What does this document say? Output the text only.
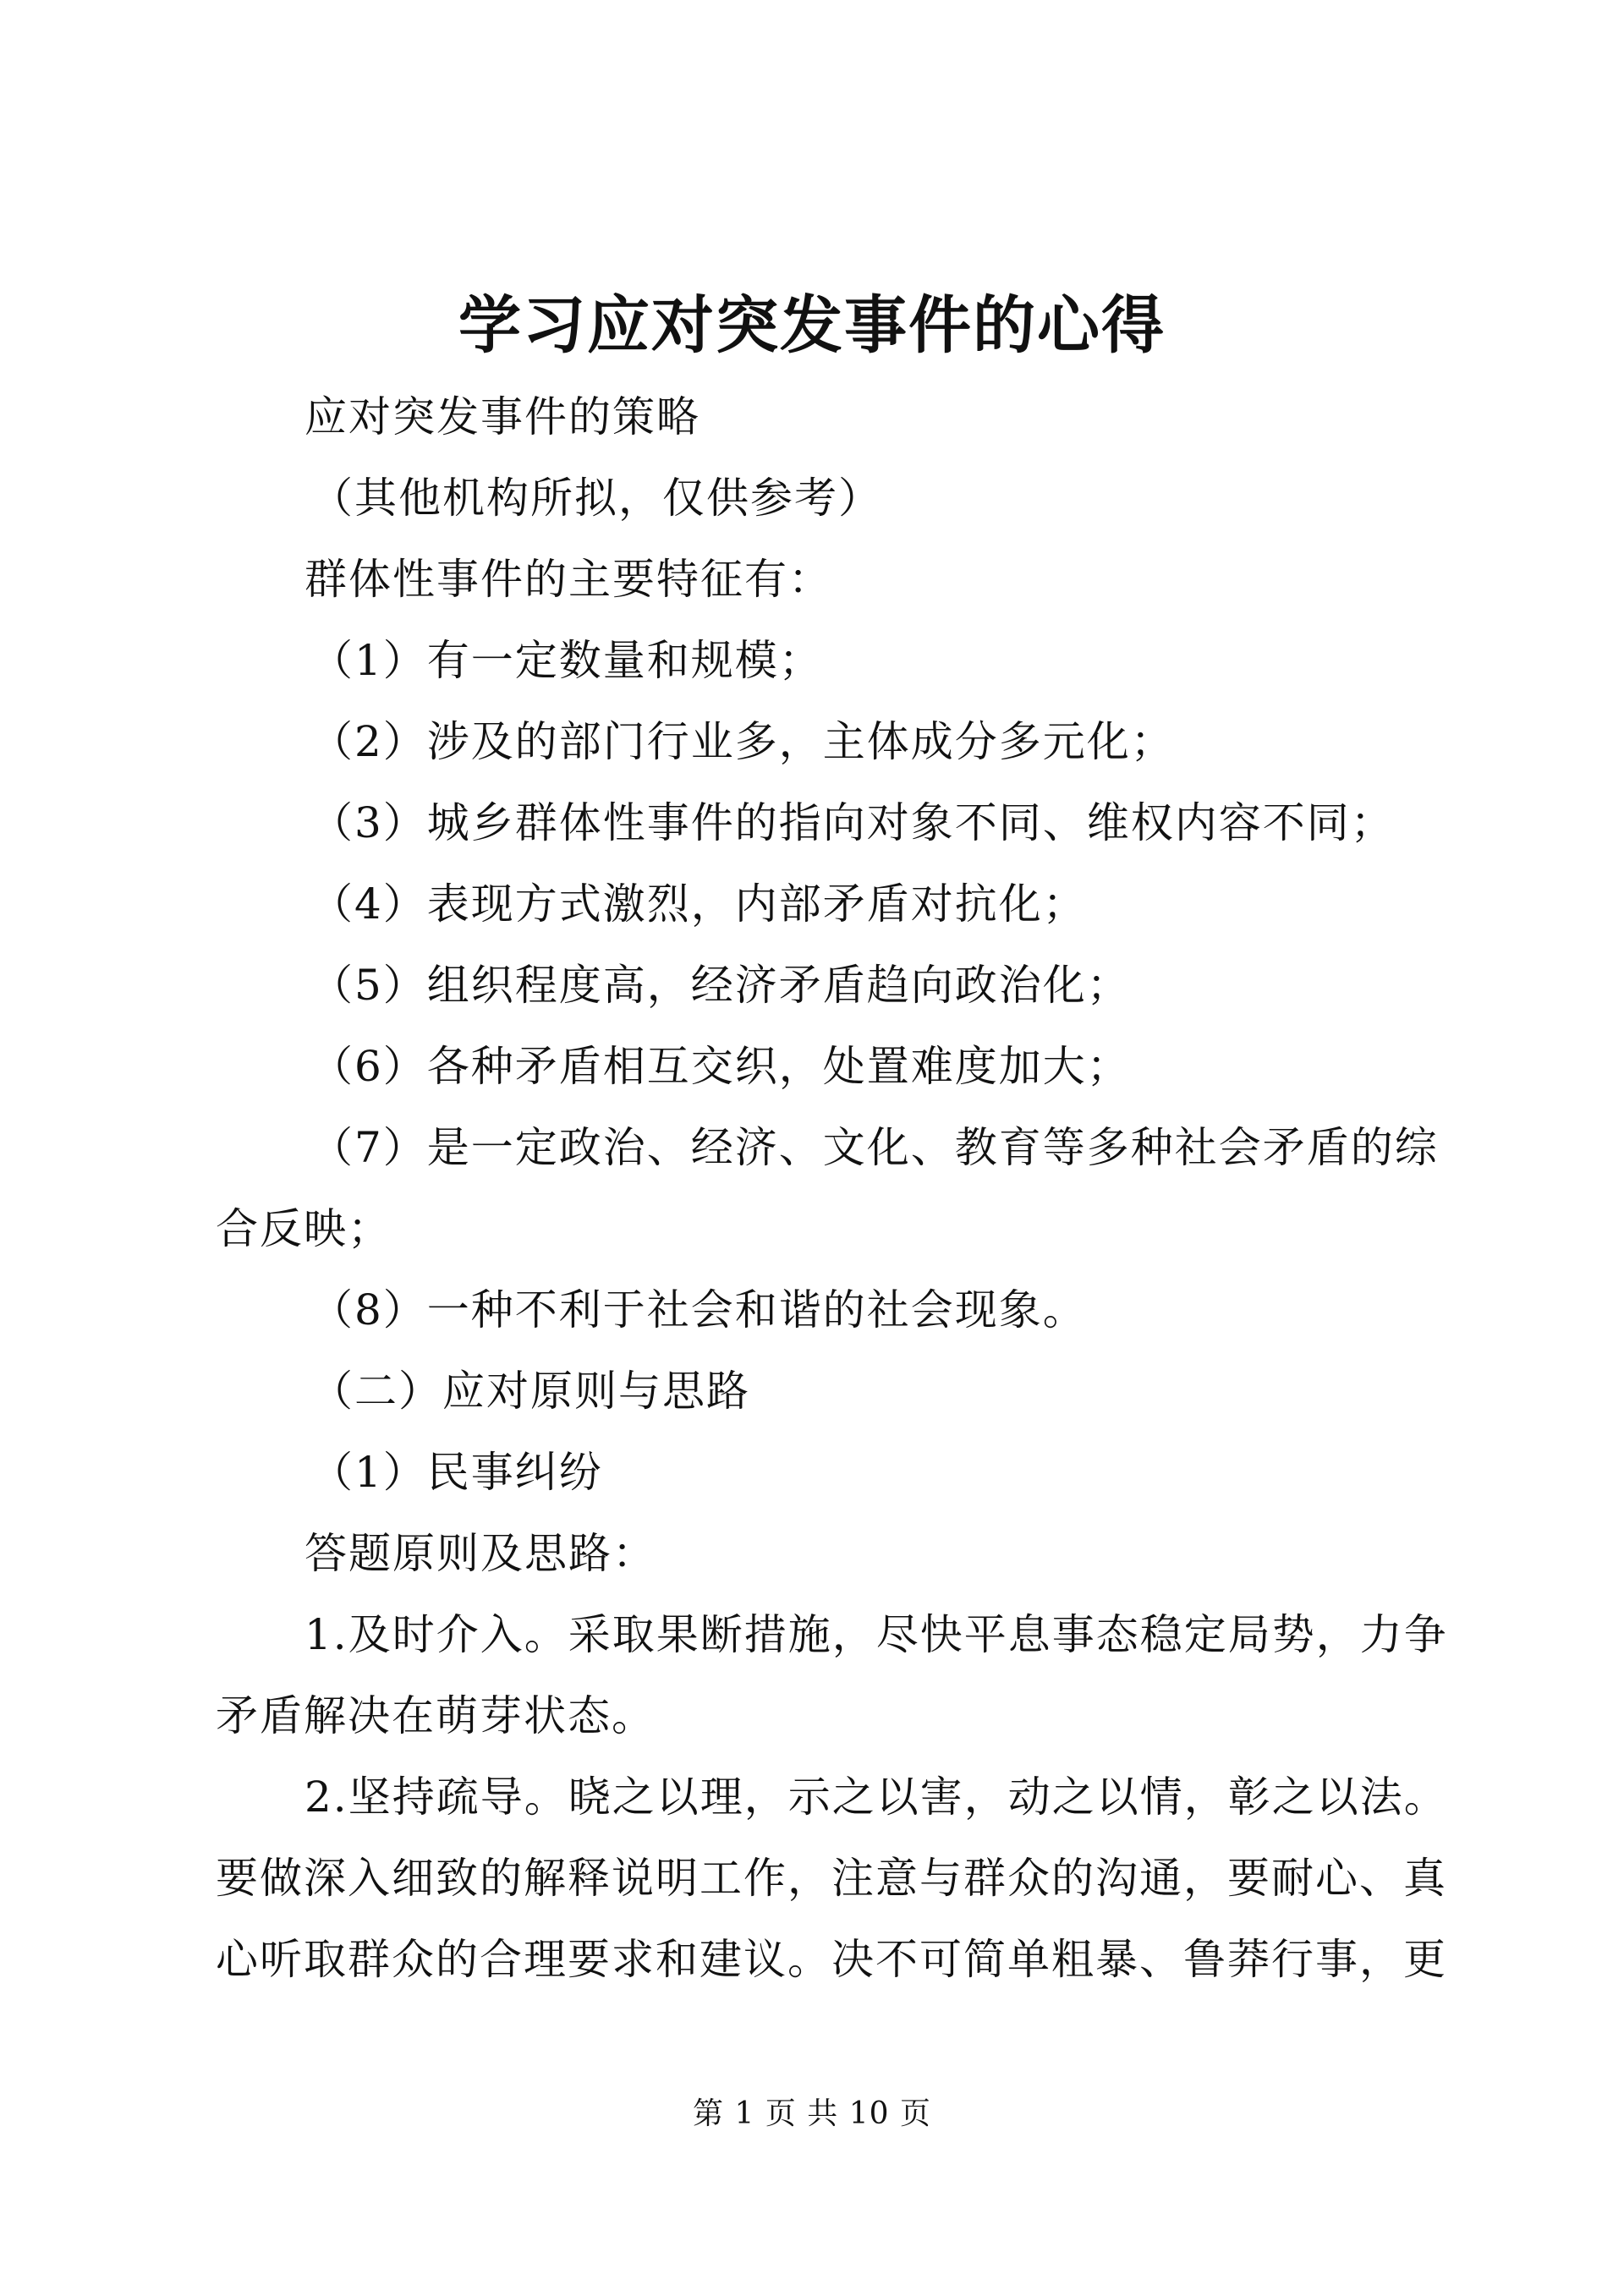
学习应对突发事件的心得
应对突发事件的策略
（其他机构所拟，仅供参考）
群体性事件的主要特征有：
（1）有一定数量和规模；
（2）涉及的部门行业多，主体成分多元化；
（3）城乡群体性事件的指向对象不同、维权内容不同；
（4）表现方式激烈，内部矛盾对抗化；
（5）组织程度高，经济矛盾趋向政治化；
（6）各种矛盾相互交织，处置难度加大；
（7）是一定政治、经济、文化、教育等多种社会矛盾的综
合反映；
（8）一种不利于社会和谐的社会现象。
（二）应对原则与思路
（1）民事纠纷
答题原则及思路：
1.及时介入。采取果断措施，尽快平息事态稳定局势，力争
矛盾解决在萌芽状态。
2.坚持疏导。晓之以理，示之以害，动之以情，彰之以法。
要做深入细致的解释说明工作，注意与群众的沟通，要耐心、真
心听取群众的合理要求和建议。决不可简单粗暴、鲁莽行事，更
第 1 页 共 10 页
